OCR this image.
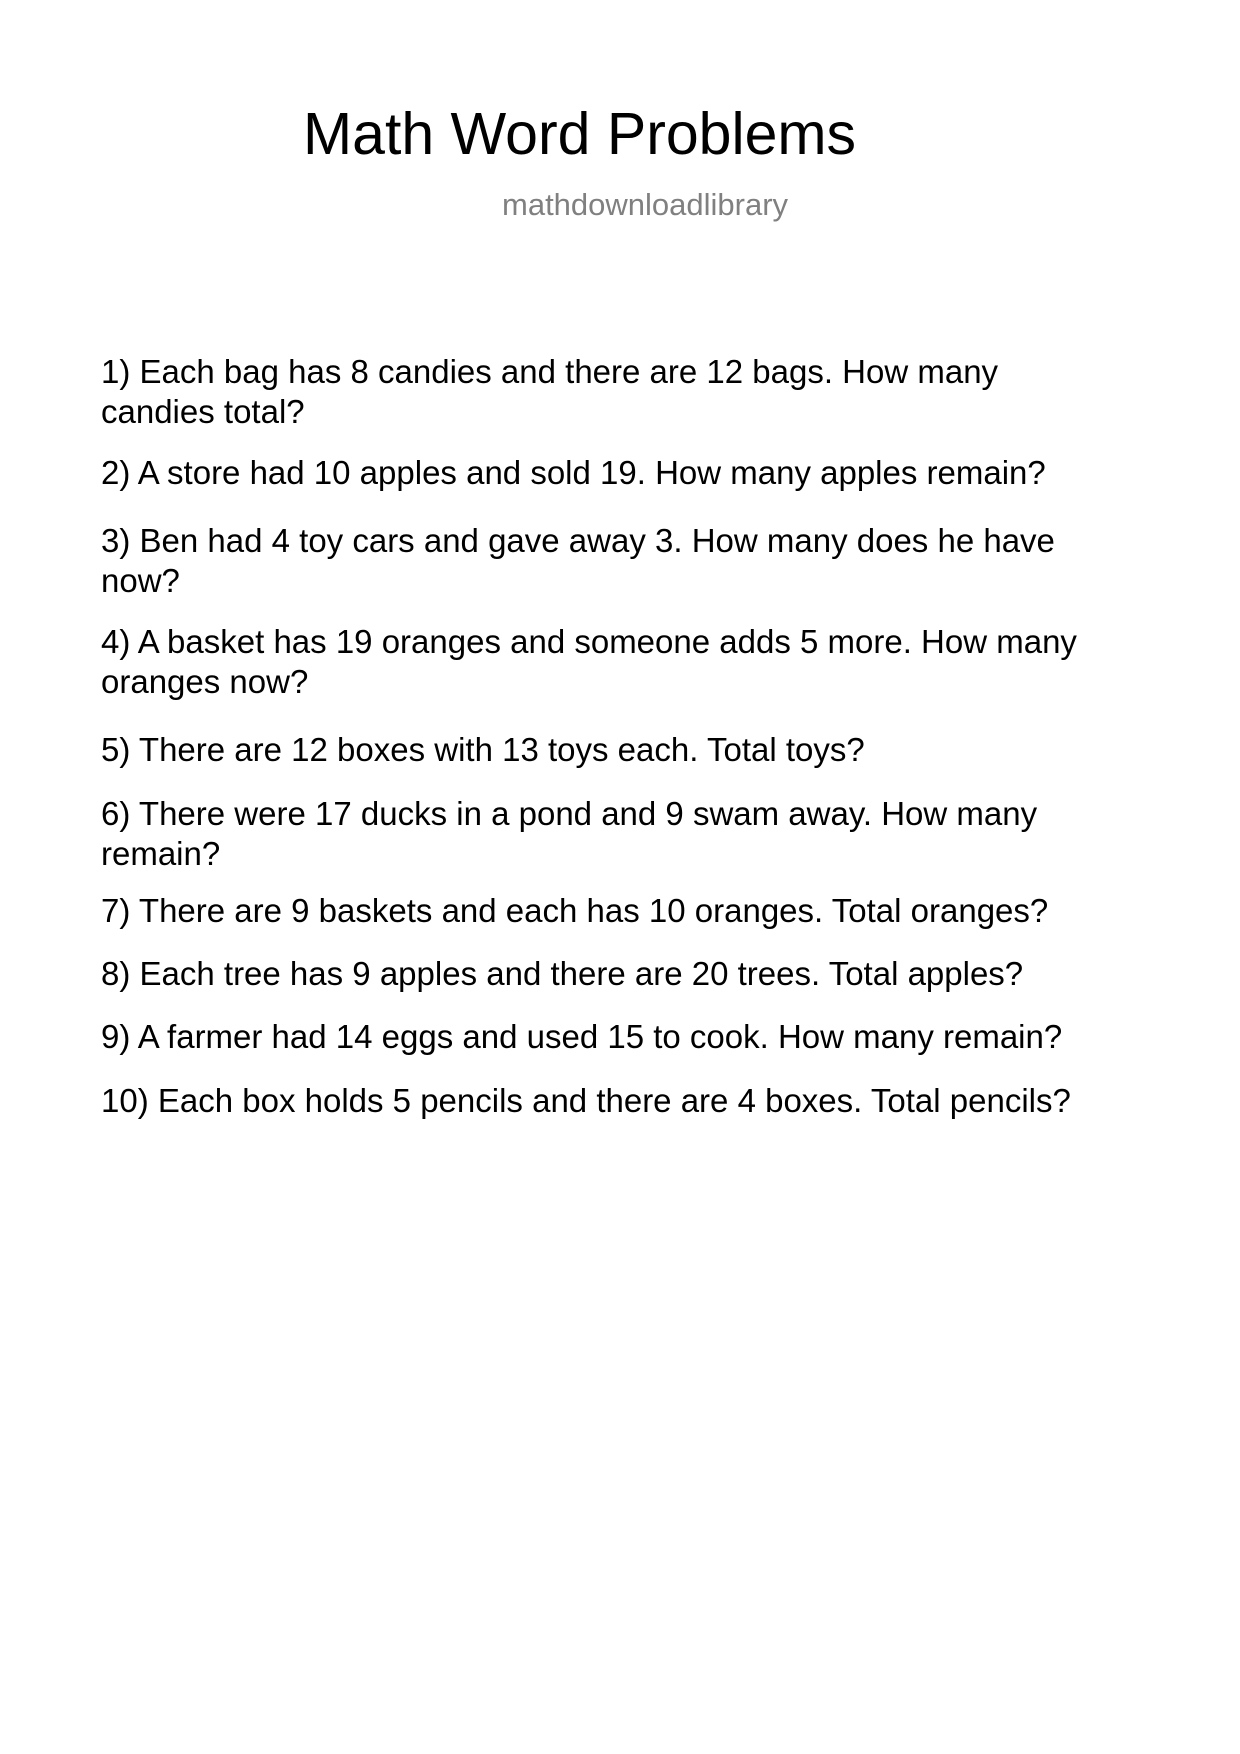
Math Word Problems
mathdownloadlibrary
1) Each bag has 8 candies and there are 12 bags. How many
candies total?
2) A store had 10 apples and sold 19. How many apples remain?
3) Ben had 4 toy cars and gave away 3. How many does he have
now?
4) A basket has 19 oranges and someone adds 5 more. How many
oranges now?
5) There are 12 boxes with 13 toys each. Total toys?
6) There were 17 ducks in a pond and 9 swam away. How many
remain?
7) There are 9 baskets and each has 10 oranges. Total oranges?
8) Each tree has 9 apples and there are 20 trees. Total apples?
9) A farmer had 14 eggs and used 15 to cook. How many remain?
10) Each box holds 5 pencils and there are 4 boxes. Total pencils?
